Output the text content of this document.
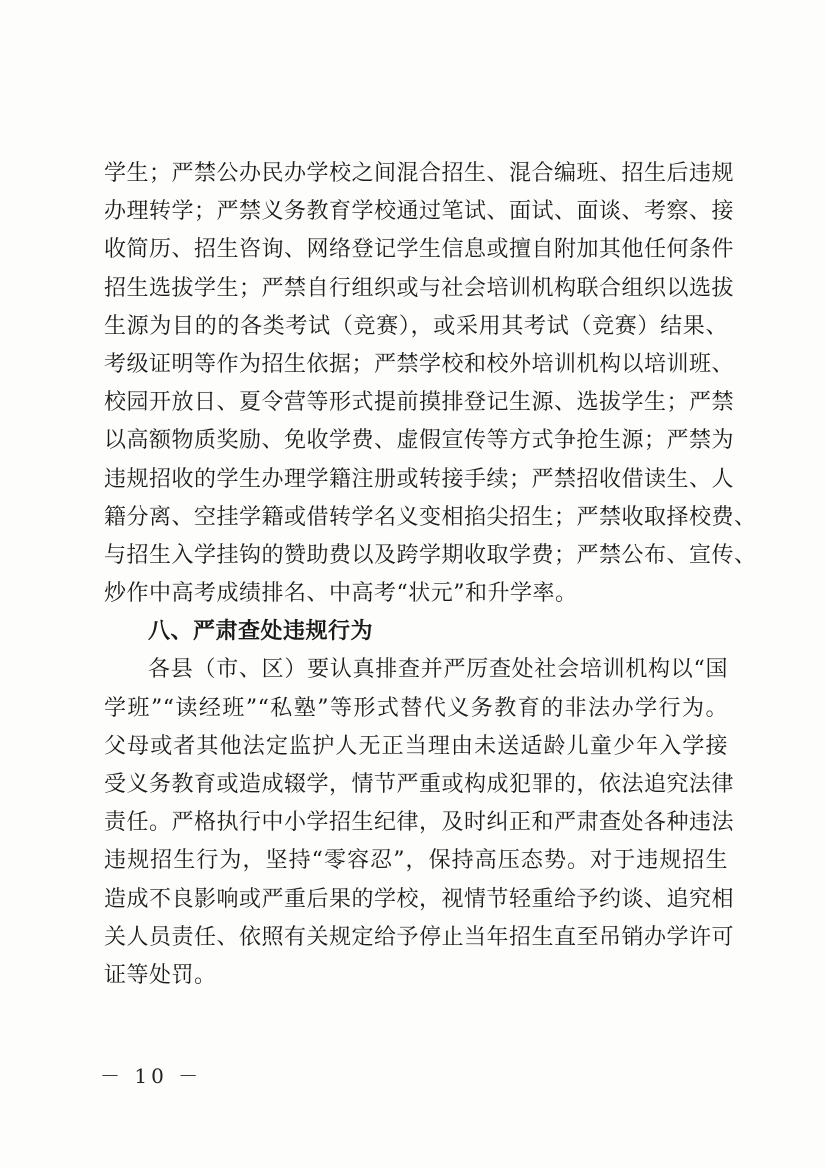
学生；严禁公办民办学校之间混合招生、混合编班、招生后违规
办理转学；严禁义务教育学校通过笔试、面试、面谈、考察、接
收简历、招生咨询、网络登记学生信息或擅自附加其他任何条件
招生选拔学生；严禁自行组织或与社会培训机构联合组织以选拔
生源为目的的各类考试（竞赛），或采用其考试（竞赛）结果、
考级证明等作为招生依据；严禁学校和校外培训机构以培训班、
校园开放日、夏令营等形式提前摸排登记生源、选拔学生；严禁
以高额物质奖励、免收学费、虚假宣传等方式争抢生源；严禁为
违规招收的学生办理学籍注册或转接手续；严禁招收借读生、人
籍分离、空挂学籍或借转学名义变相掐尖招生；严禁收取择校费、
与招生入学挂钩的赞助费以及跨学期收取学费；严禁公布、宣传、
炒作中高考成绩排名、中高考“状元”和升学率。
八、严肃查处违规行为
各县（市、区）要认真排查并严厉查处社会培训机构以“国
学班”“读经班”“私塾”等形式替代义务教育的非法办学行为。
父母或者其他法定监护人无正当理由未送适龄儿童少年入学接
受义务教育或造成辍学，情节严重或构成犯罪的，依法追究法律
责任。严格执行中小学招生纪律，及时纠正和严肃查处各种违法
违规招生行为，坚持“零容忍”，保持高压态势。对于违规招生
造成不良影响或严重后果的学校，视情节轻重给予约谈、追究相
关人员责任、依照有关规定给予停止当年招生直至吊销办学许可
证等处罚。
－ 10 －
